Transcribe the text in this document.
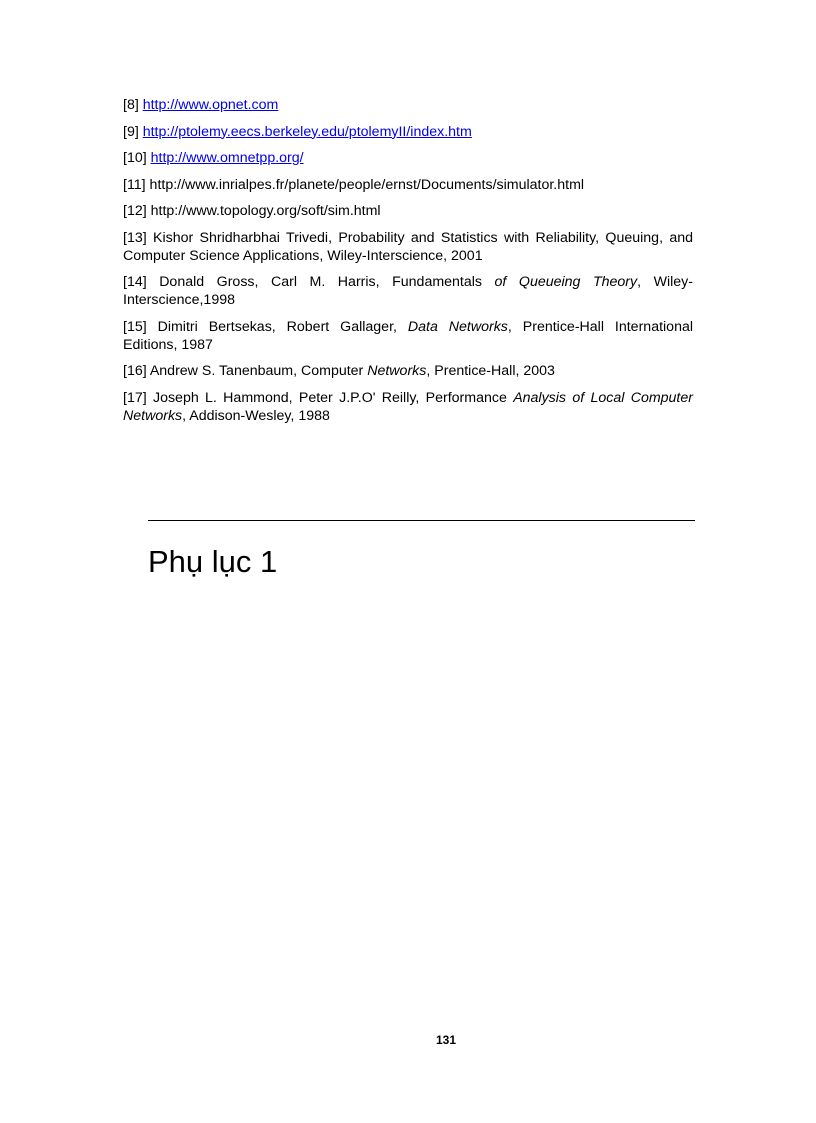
[8] http://www.opnet.com

[9] http://ptolemy.eecs.berkeley.edu/ptolemyII/index.htm

[10] http://www.omnetpp.org/

[11] http://www.inrialpes.fr/planete/people/ernst/Documents/simulator.html

[12] http://www.topology.org/soft/sim.html

[13] Kishor Shridharbhai Trivedi, Probability and Statistics with Reliability, Queuing, and Computer Science Applications, Wiley-Interscience, 2001

[14] Donald Gross, Carl M. Harris, Fundamentals of Queueing Theory, Wiley-Interscience,1998

[15] Dimitri Bertsekas, Robert Gallager, Data Networks, Prentice-Hall International Editions, 1987

[16] Andrew S. Tanenbaum, Computer Networks, Prentice-Hall, 2003

[17] Joseph L. Hammond, Peter J.P.O' Reilly, Performance Analysis of Local Computer Networks, Addison-Wesley, 1988

Phụ lục 1
131
